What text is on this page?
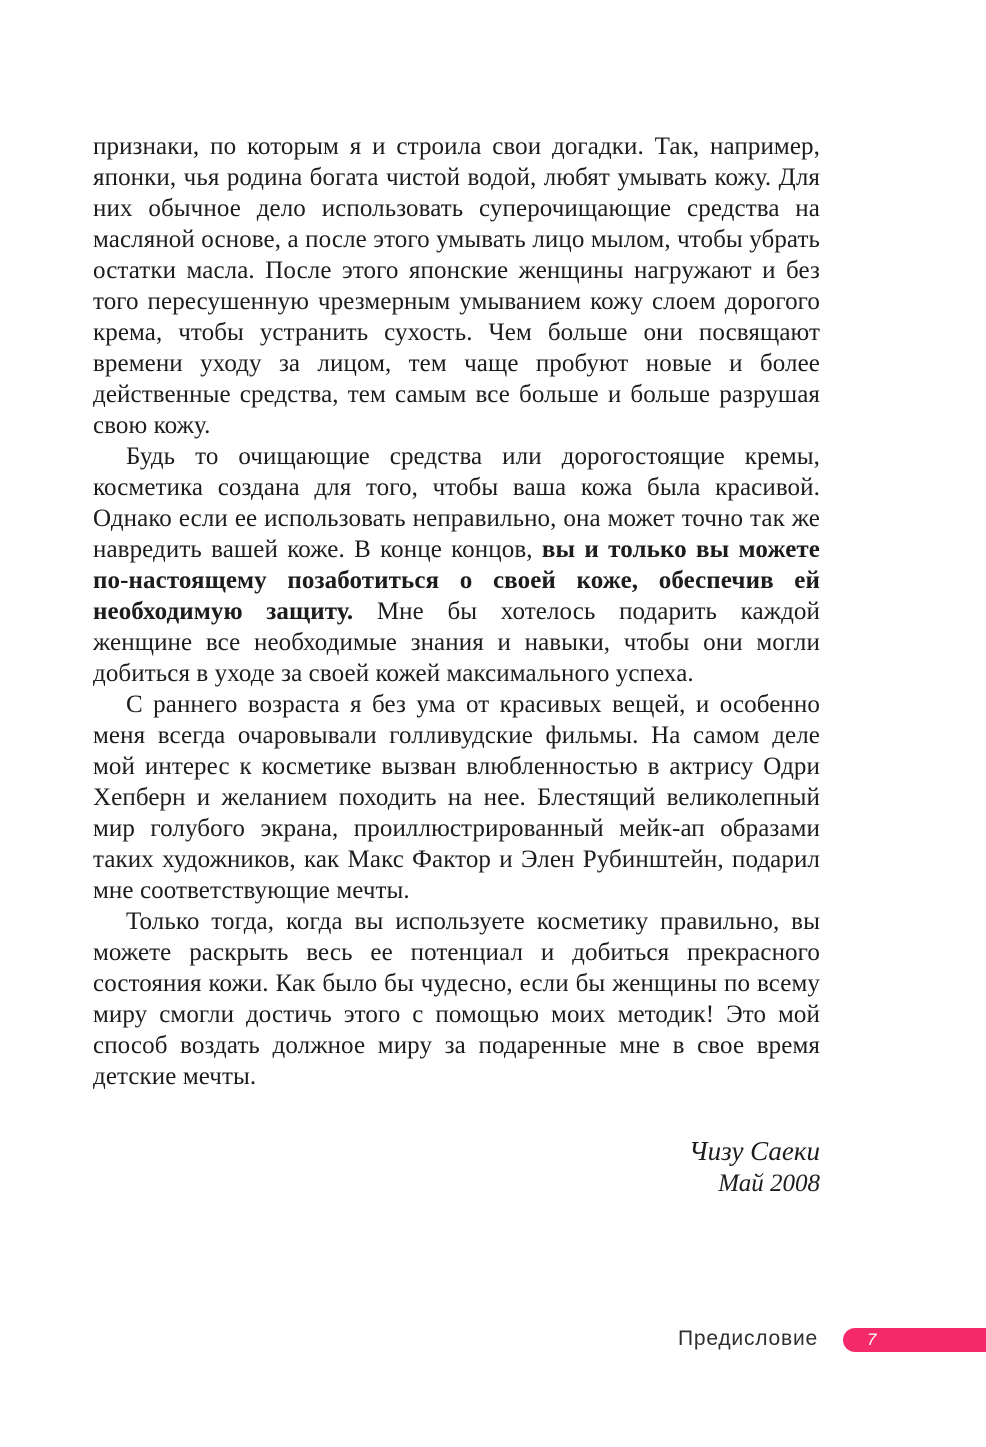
признаки, по которым я и строила свои догадки. Так, например, японки, чья родина богата чистой водой, любят умывать кожу. Для них обычное дело использовать суперочищающие средства на масляной основе, а после этого умывать лицо мылом, чтобы убрать остатки масла. После этого японские женщины нагружают и без того пересушенную чрезмерным умыванием кожу слоем дорогого крема, чтобы устранить сухость. Чем больше они посвящают времени уходу за лицом, тем чаще пробуют новые и более действенные средства, тем самым все больше и больше разрушая свою кожу.

Будь то очищающие средства или дорогостоящие кремы, косметика создана для того, чтобы ваша кожа была красивой. Однако если ее использовать неправильно, она может точно так же навредить вашей коже. В конце концов, вы и только вы можете по-настоящему позаботиться о своей коже, обеспечив ей необходимую защиту. Мне бы хотелось подарить каждой женщине все необходимые знания и навыки, чтобы они могли добиться в уходе за своей кожей максимального успеха.

С раннего возраста я без ума от красивых вещей, и особенно меня всегда очаровывали голливудские фильмы. На самом деле мой интерес к косметике вызван влюбленностью в актрису Одри Хепберн и желанием походить на нее. Блестящий великолепный мир голубого экрана, проиллюстрированный мейк-ап образами таких художников, как Макс Фактор и Элен Рубинштейн, подарил мне соответствующие мечты.

Только тогда, когда вы используете косметику правильно, вы можете раскрыть весь ее потенциал и добиться прекрасного состояния кожи. Как было бы чудесно, если бы женщины по всему миру смогли достичь этого с помощью моих методик! Это мой способ воздать должное миру за подаренные мне в свое время детские мечты.

Чизу Саеки
Май 2008
Предисловие	7
